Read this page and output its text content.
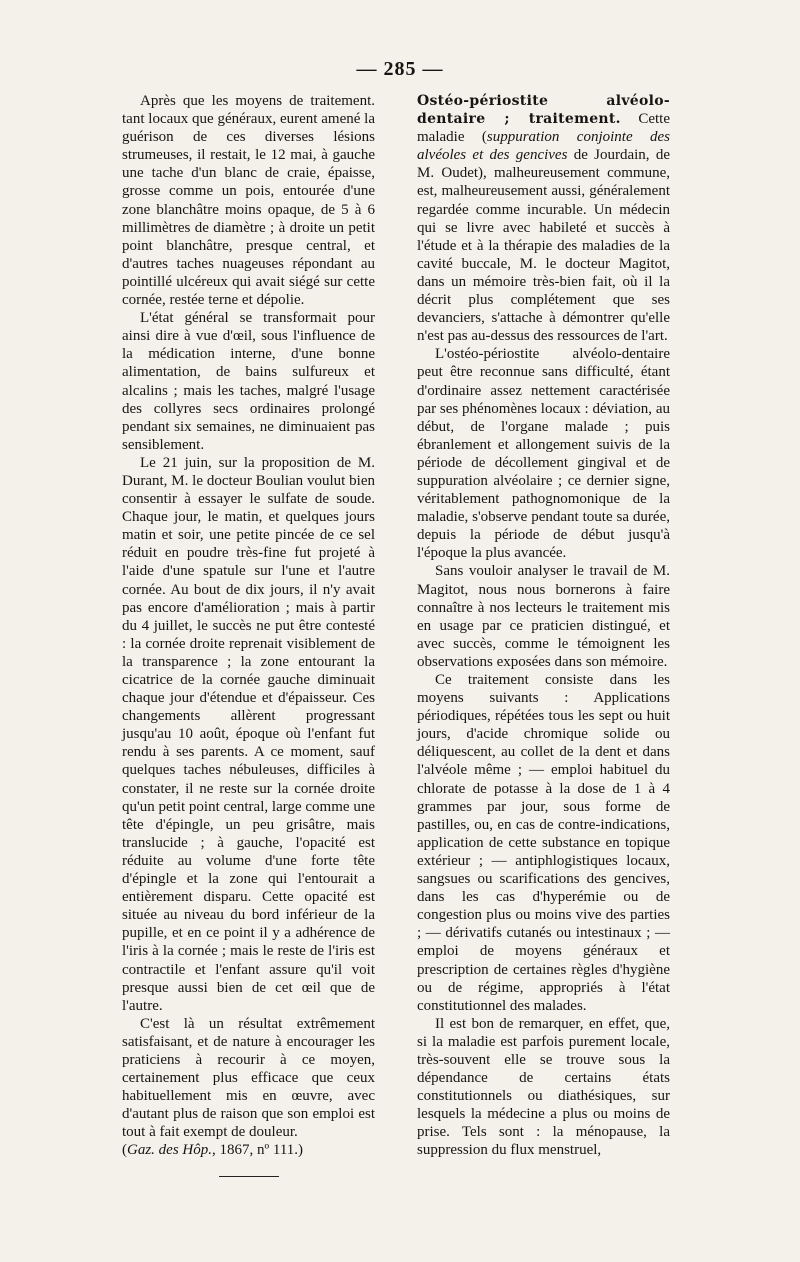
— 285 —

Après que les moyens de traitement. tant locaux que généraux, eurent amené la guérison de ces diverses lésions strumeuses, il restait, le 12 mai, à gauche une tache d'un blanc de craie, épaisse, grosse comme un pois, entourée d'une zone blanchâtre moins opaque, de 5 à 6 millimètres de diamètre ; à droite un petit point blanchâtre, presque central, et d'autres taches nuageuses répondant au pointillé ulcéreux qui avait siégé sur cette cornée, restée terne et dépolie.

L'état général se transformait pour ainsi dire à vue d'œil, sous l'influence de la médication interne, d'une bonne alimentation, de bains sulfureux et alcalins ; mais les taches, malgré l'usage des collyres secs ordinaires prolongé pendant six semaines, ne diminuaient pas sensiblement.

Le 21 juin, sur la proposition de M. Durant, M. le docteur Boulian voulut bien consentir à essayer le sulfate de soude. Chaque jour, le matin, et quelques jours matin et soir, une petite pincée de ce sel réduit en poudre très-fine fut projeté à l'aide d'une spatule sur l'une et l'autre cornée. Au bout de dix jours, il n'y avait pas encore d'amélioration ; mais à partir du 4 juillet, le succès ne put être contesté : la cornée droite reprenait visiblement de la transparence ; la zone entourant la cicatrice de la cornée gauche diminuait chaque jour d'étendue et d'épaisseur. Ces changements allèrent progressant jusqu'au 10 août, époque où l'enfant fut rendu à ses parents. A ce moment, sauf quelques taches nébuleuses, difficiles à constater, il ne reste sur la cornée droite qu'un petit point central, large comme une tête d'épingle, un peu grisâtre, mais translucide ; à gauche, l'opacité est réduite au volume d'une forte tête d'épingle et la zone qui l'entourait a entièrement disparu. Cette opacité est située au niveau du bord inférieur de la pupille, et en ce point il y a adhérence de l'iris à la cornée ; mais le reste de l'iris est contractile et l'enfant assure qu'il voit presque aussi bien de cet œil que de l'autre.

C'est là un résultat extrêmement satisfaisant, et de nature à encourager les praticiens à recourir à ce moyen, certainement plus efficace que ceux habituellement mis en œuvre, avec d'autant plus de raison que son emploi est tout à fait exempt de douleur.
(Gaz. des Hôp., 1867, nº 111.)

Ostéo-périostite alvéolo-dentaire ; traitement. Cette maladie (suppuration conjointe des alvéoles et des gencives de Jourdain, de M. Oudet), malheureusement commune, est, malheureusement aussi, généralement regardée comme incurable. Un médecin qui se livre avec habileté et succès à l'étude et à la thérapie des maladies de la cavité buccale, M. le docteur Magitot, dans un mémoire très-bien fait, où il la décrit plus complétement que ses devanciers, s'attache à démontrer qu'elle n'est pas au-dessus des ressources de l'art.

L'ostéo-périostite alvéolo-dentaire peut être reconnue sans difficulté, étant d'ordinaire assez nettement caractérisée par ses phénomènes locaux : déviation, au début, de l'organe malade ; puis ébranlement et allongement suivis de la période de décollement gingival et de suppuration alvéolaire ; ce dernier signe, véritablement pathognomonique de la maladie, s'observe pendant toute sa durée, depuis la période de début jusqu'à l'époque la plus avancée.

Sans vouloir analyser le travail de M. Magitot, nous nous bornerons à faire connaître à nos lecteurs le traitement mis en usage par ce praticien distingué, et avec succès, comme le témoignent les observations exposées dans son mémoire.

Ce traitement consiste dans les moyens suivants : Applications périodiques, répétées tous les sept ou huit jours, d'acide chromique solide ou déliquescent, au collet de la dent et dans l'alvéole même ; — emploi habituel du chlorate de potasse à la dose de 1 à 4 grammes par jour, sous forme de pastilles, ou, en cas de contre-indications, application de cette substance en topique extérieur ; — antiphlogistiques locaux, sangsues ou scarifications des gencives, dans les cas d'hyperémie ou de congestion plus ou moins vive des parties ; — dérivatifs cutanés ou intestinaux ; — emploi de moyens généraux et prescription de certaines règles d'hygiène ou de régime, appropriés à l'état constitutionnel des malades.

Il est bon de remarquer, en effet, que, si la maladie est parfois purement locale, très-souvent elle se trouve sous la dépendance de certains états constitutionnels ou diathésiques, sur lesquels la médecine a plus ou moins de prise. Tels sont : la ménopause, la suppression du flux menstruel,
